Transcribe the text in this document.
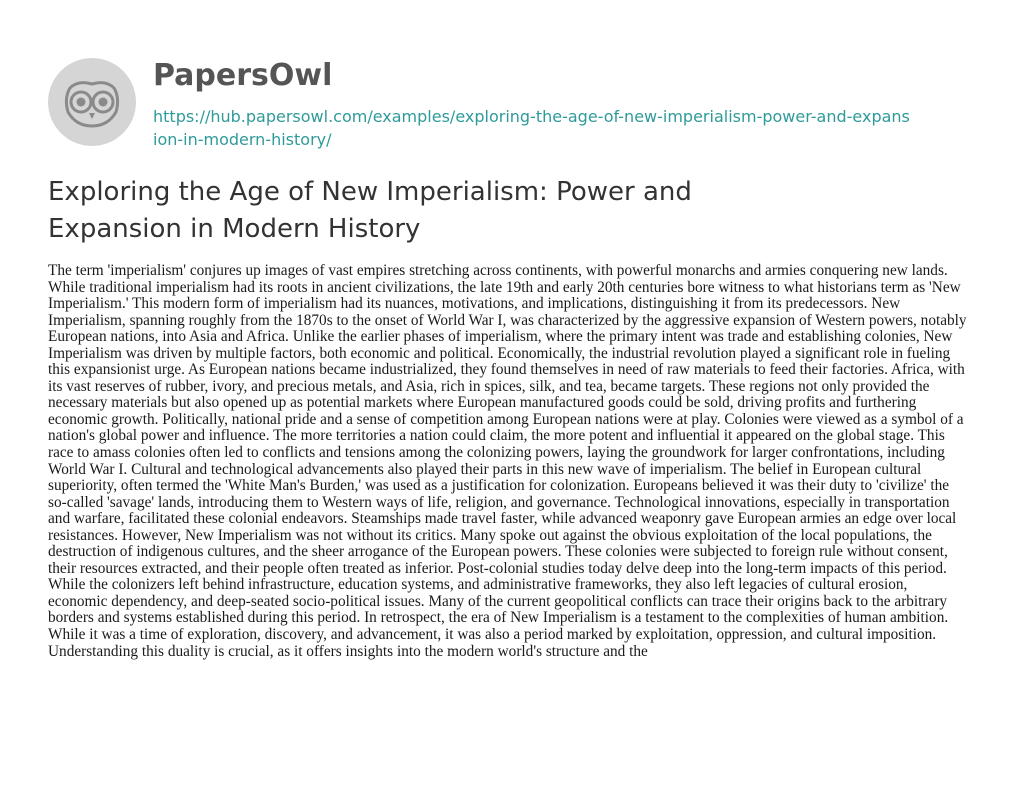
PapersOwl
https://hub.papersowl.com/examples/exploring-the-age-of-new-imperialism-power-and-expansion-in-modern-history/
Exploring the Age of New Imperialism: Power and Expansion in Modern History

The term 'imperialism' conjures up images of vast empires stretching across continents, with powerful monarchs and armies conquering new lands. While traditional imperialism had its roots in ancient civilizations, the late 19th and early 20th centuries bore witness to what historians term as 'New Imperialism.' This modern form of imperialism had its nuances, motivations, and implications, distinguishing it from its predecessors. New Imperialism, spanning roughly from the 1870s to the onset of World War I, was characterized by the aggressive expansion of Western powers, notably European nations, into Asia and Africa. Unlike the earlier phases of imperialism, where the primary intent was trade and establishing colonies, New Imperialism was driven by multiple factors, both economic and political. Economically, the industrial revolution played a significant role in fueling this expansionist urge. As European nations became industrialized, they found themselves in need of raw materials to feed their factories. Africa, with its vast reserves of rubber, ivory, and precious metals, and Asia, rich in spices, silk, and tea, became targets. These regions not only provided the necessary materials but also opened up as potential markets where European manufactured goods could be sold, driving profits and furthering economic growth. Politically, national pride and a sense of competition among European nations were at play. Colonies were viewed as a symbol of a nation's global power and influence. The more territories a nation could claim, the more potent and influential it appeared on the global stage. This race to amass colonies often led to conflicts and tensions among the colonizing powers, laying the groundwork for larger confrontations, including World War I. Cultural and technological advancements also played their parts in this new wave of imperialism. The belief in European cultural superiority, often termed the 'White Man's Burden,' was used as a justification for colonization. Europeans believed it was their duty to 'civilize' the so-called 'savage' lands, introducing them to Western ways of life, religion, and governance. Technological innovations, especially in transportation and warfare, facilitated these colonial endeavors. Steamships made travel faster, while advanced weaponry gave European armies an edge over local resistances. However, New Imperialism was not without its critics. Many spoke out against the obvious exploitation of the local populations, the destruction of indigenous cultures, and the sheer arrogance of the European powers. These colonies were subjected to foreign rule without consent, their resources extracted, and their people often treated as inferior. Post-colonial studies today delve deep into the long-term impacts of this period. While the colonizers left behind infrastructure, education systems, and administrative frameworks, they also left legacies of cultural erosion, economic dependency, and deep-seated socio-political issues. Many of the current geopolitical conflicts can trace their origins back to the arbitrary borders and systems established during this period. In retrospect, the era of New Imperialism is a testament to the complexities of human ambition. While it was a time of exploration, discovery, and advancement, it was also a period marked by exploitation, oppression, and cultural imposition. Understanding this duality is crucial, as it offers insights into the modern world's structure and the
